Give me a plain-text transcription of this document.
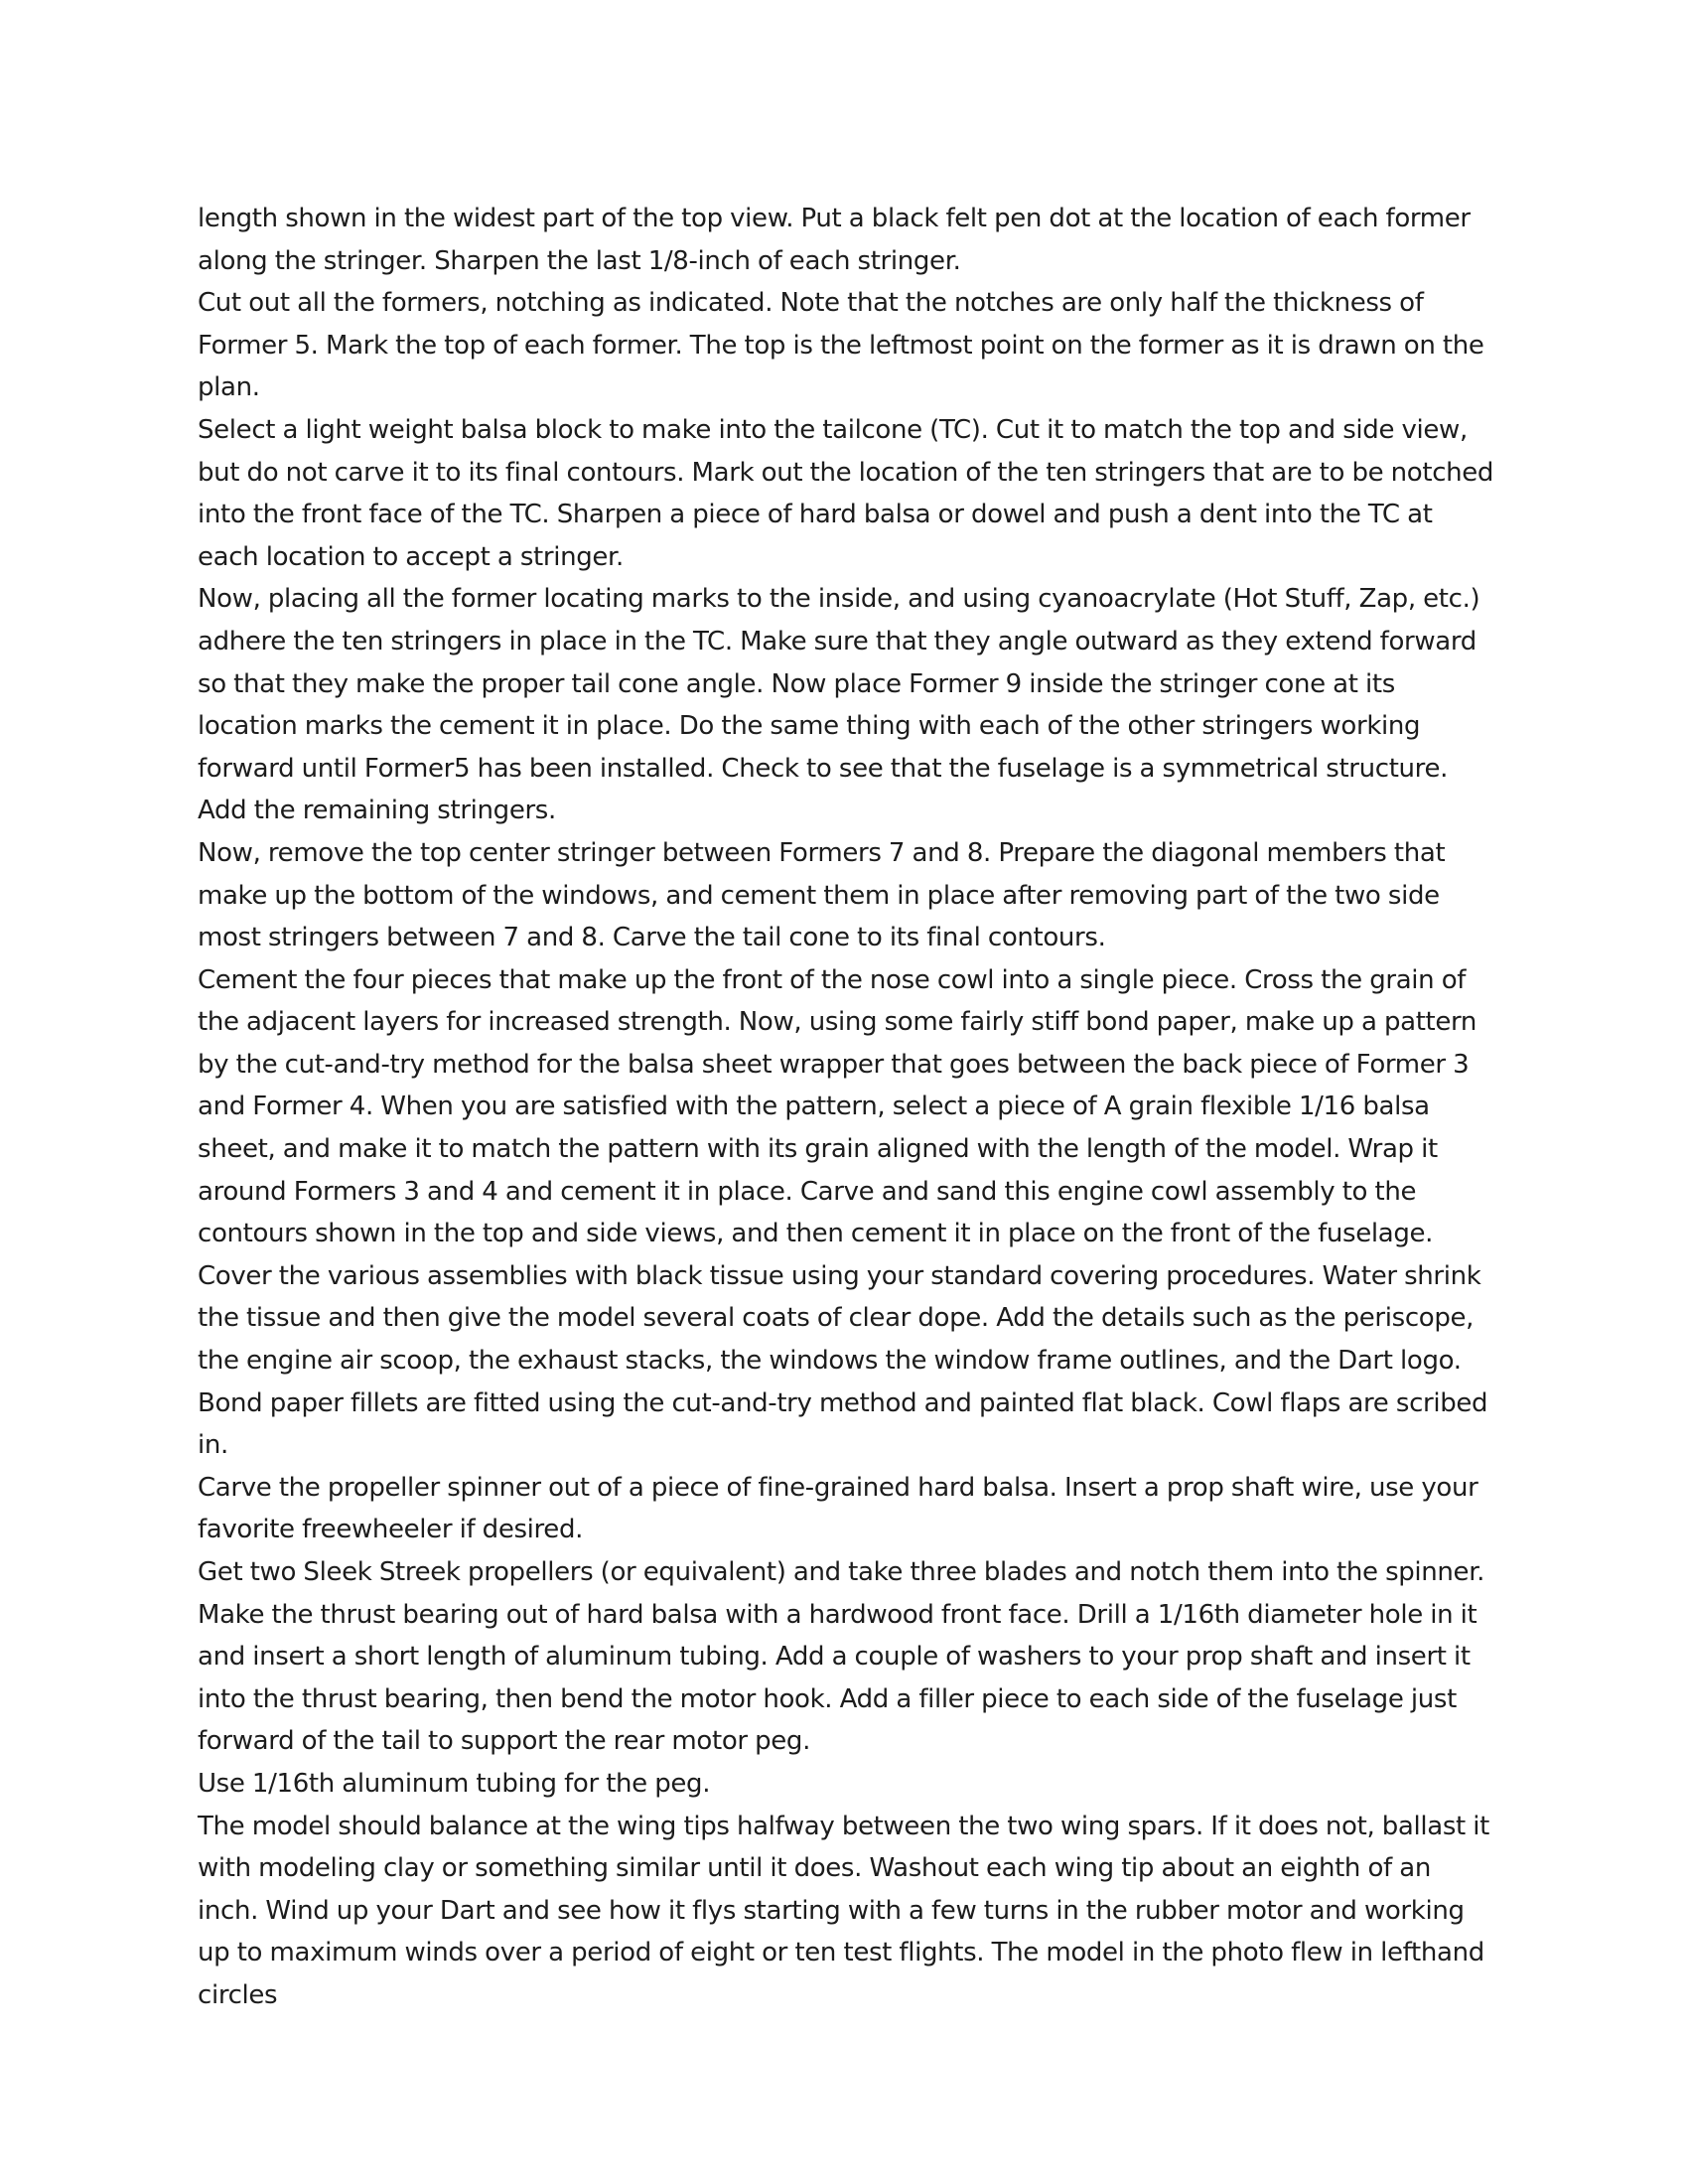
length shown in the widest part of the top view. Put a black felt pen dot at the location of each former along the stringer. Sharpen the last 1/8-inch of each stringer.

Cut out all the formers, notching as indicated. Note that the notches are only half the thickness of Former 5. Mark the top of each former. The top is the leftmost point on the former as it is drawn on the plan.

Select a light weight balsa block to make into the tailcone (TC). Cut it to match the top and side view, but do not carve it to its final contours. Mark out the location of the ten stringers that are to be notched into the front face of the TC. Sharpen a piece of hard balsa or dowel and push a dent into the TC at each location to accept a stringer.

Now, placing all the former locating marks to the inside, and using cyanoacrylate (Hot Stuff, Zap, etc.) adhere the ten stringers in place in the TC. Make sure that they angle outward as they extend forward so that they make the proper tail cone angle. Now place Former 9 inside the stringer cone at its location marks the cement it in place. Do the same thing with each of the other stringers working forward until Former5 has been installed. Check to see that the fuselage is a symmetrical structure. Add the remaining stringers.

Now, remove the top center stringer between Formers 7 and 8. Prepare the diagonal members that make up the bottom of the windows, and cement them in place after removing part of the two side most stringers between 7 and 8. Carve the tail cone to its final contours.

Cement the four pieces that make up the front of the nose cowl into a single piece. Cross the grain of the adjacent layers for increased strength. Now, using some fairly stiff bond paper, make up a pattern by the cut-and-try method for the balsa sheet wrapper that goes between the back piece of Former 3 and Former 4. When you are satisfied with the pattern, select a piece of A grain flexible 1/16 balsa sheet, and make it to match the pattern with its grain aligned with the length of the model. Wrap it around Formers 3 and 4 and cement it in place. Carve and sand this engine cowl assembly to the contours shown in the top and side views, and then cement it in place on the front of the fuselage.

Cover the various assemblies with black tissue using your standard covering procedures. Water shrink the tissue and then give the model several coats of clear dope. Add the details such as the periscope, the engine air scoop, the exhaust stacks, the windows the window frame outlines, and the Dart logo. Bond paper fillets are fitted using the cut-and-try method and painted flat black. Cowl flaps are scribed in.

Carve the propeller spinner out of a piece of fine-grained hard balsa. Insert a prop shaft wire, use your favorite freewheeler if desired.

Get two Sleek Streek propellers (or equivalent) and take three blades and notch them into the spinner. Make the thrust bearing out of hard balsa with a hardwood front face. Drill a 1/16th diameter hole in it and insert a short length of aluminum tubing. Add a couple of washers to your prop shaft and insert it into the thrust bearing, then bend the motor hook. Add a filler piece to each side of the fuselage just forward of the tail to support the rear motor peg.

Use 1/16th aluminum tubing for the peg.

The model should balance at the wing tips halfway between the two wing spars. If it does not, ballast it with modeling clay or something similar until it does. Washout each wing tip about an eighth of an inch. Wind up your Dart and see how it flys starting with a few turns in the rubber motor and working up to maximum winds over a period of eight or ten test flights. The model in the photo flew in lefthand circles
